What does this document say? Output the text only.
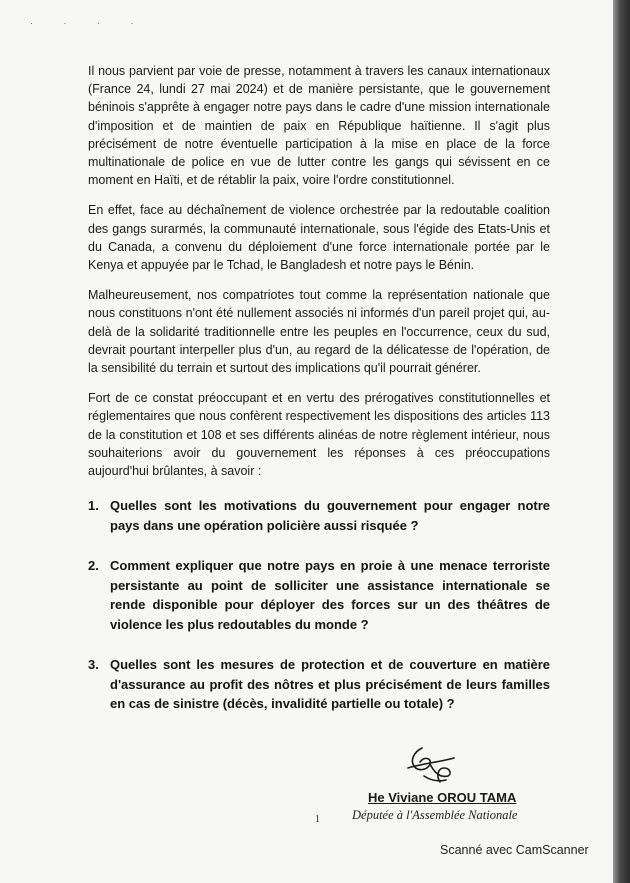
· · · ·

Il nous parvient par voie de presse, notamment à travers les canaux internationaux (France 24, lundi 27 mai 2024) et de manière persistante, que le gouvernement béninois s'apprête à engager notre pays dans le cadre d'une mission internationale d'imposition et de maintien de paix en République haïtienne. Il s'agit plus précisément de notre éventuelle participation à la mise en place de la force multinationale de police en vue de lutter contre les gangs qui sévissent en ce moment en Haïti, et de rétablir la paix, voire l'ordre constitutionnel.

En effet, face au déchaînement de violence orchestrée par la redoutable coalition des gangs surarmés, la communauté internationale, sous l'égide des Etats-Unis et du Canada, a convenu du déploiement d'une force internationale portée par le Kenya et appuyée par le Tchad, le Bangladesh et notre pays le Bénin.

Malheureusement, nos compatriotes tout comme la représentation nationale que nous constituons n'ont été nullement associés ni informés d'un pareil projet qui, au-delà de la solidarité traditionnelle entre les peuples en l'occurrence, ceux du sud, devrait pourtant interpeller plus d'un, au regard de la délicatesse de l'opération, de la sensibilité du terrain et surtout des implications qu'il pourrait générer.

Fort de ce constat préoccupant et en vertu des prérogatives constitutionnelles et réglementaires que nous confèrent respectivement les dispositions des articles 113 de la constitution et 108 et ses différents alinéas de notre règlement intérieur, nous souhaiterions avoir du gouvernement les réponses à ces préoccupations aujourd'hui brûlantes, à savoir :

1. Quelles sont les motivations du gouvernement pour engager notre pays dans une opération policière aussi risquée ?
2. Comment expliquer que notre pays en proie à une menace terroriste persistante au point de solliciter une assistance internationale se rende disponible pour déployer des forces sur un des théâtres de violence les plus redoutables du monde ?
3. Quelles sont les mesures de protection et de couverture en matière d'assurance au profit des nôtres et plus précisément de leurs familles en cas de sinistre (décès, invalidité partielle ou totale) ?
He Viviane OROU TAMA
1	Députée à l'Assemblée Nationale
Scanné avec CamScanner
